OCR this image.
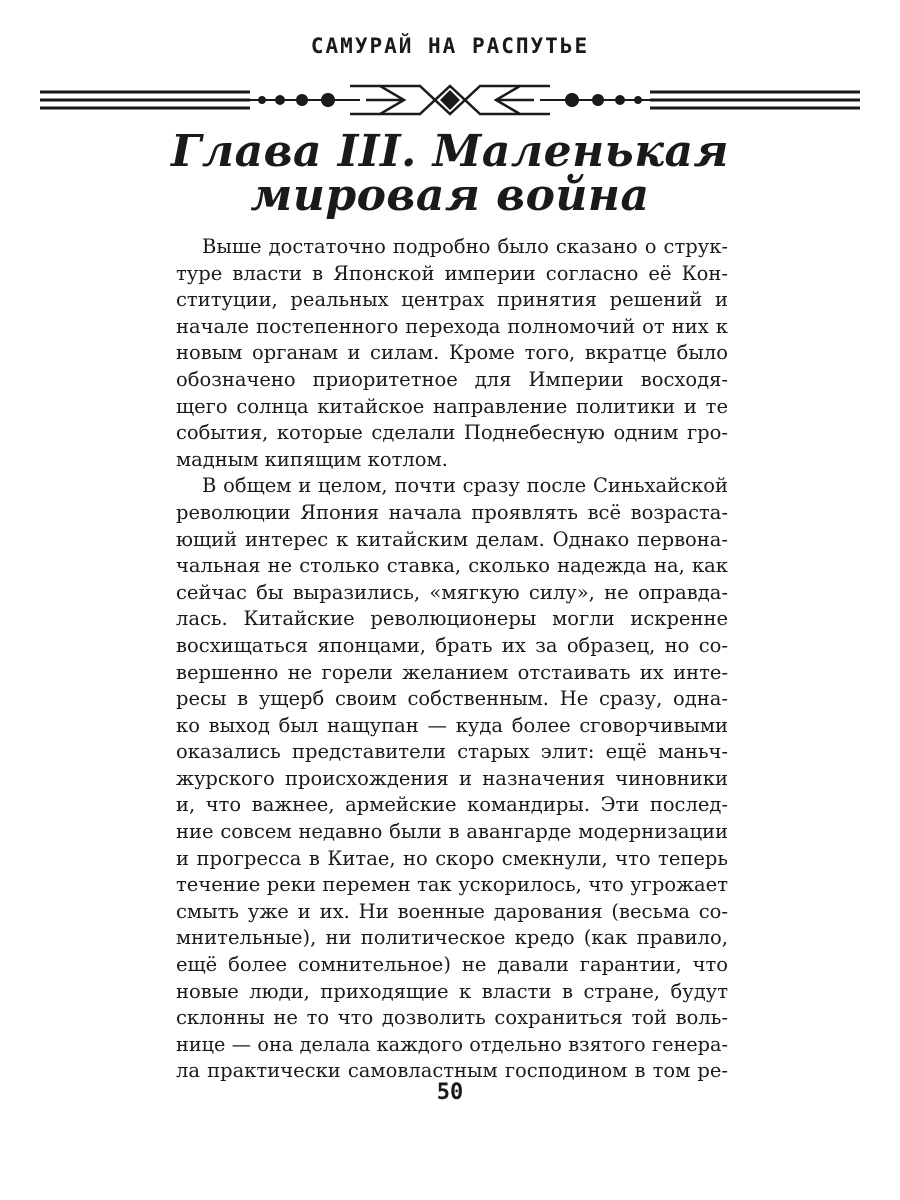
САМУРАЙ НА РАСПУТЬЕ
Глава III. Маленькая
мировая война
Выше достаточно подробно было сказано о струк-
туре власти в Японской империи согласно её Кон-
ституции, реальных центрах принятия решений и
начале постепенного перехода полномочий от них к
новым органам и силам. Кроме того, вкратце было
обозначено приоритетное для Империи восходя-
щего солнца китайское направление политики и те
события, которые сделали Поднебесную одним гро-
мадным кипящим котлом.
В общем и целом, почти сразу после Синьхайской
революции Япония начала проявлять всё возраста-
ющий интерес к китайским делам. Однако первона-
чальная не столько ставка, сколько надежда на, как
сейчас бы выразились, «мягкую силу», не оправда-
лась. Китайские революционеры могли искренне
восхищаться японцами, брать их за образец, но со-
вершенно не горели желанием отстаивать их инте-
ресы в ущерб своим собственным. Не сразу, одна-
ко выход был нащупан — куда более сговорчивыми
оказались представители старых элит: ещё маньч-
журского происхождения и назначения чиновники
и, что важнее, армейские командиры. Эти послед-
ние совсем недавно были в авангарде модернизации
и прогресса в Китае, но скоро смекнули, что теперь
течение реки перемен так ускорилось, что угрожает
смыть уже и их. Ни военные дарования (весьма со-
мнительные), ни политическое кредо (как правило,
ещё более сомнительное) не давали гарантии, что
новые люди, приходящие к власти в стране, будут
склонны не то что дозволить сохраниться той воль-
нице — она делала каждого отдельно взятого генера-
ла практически самовластным господином в том ре-
50
